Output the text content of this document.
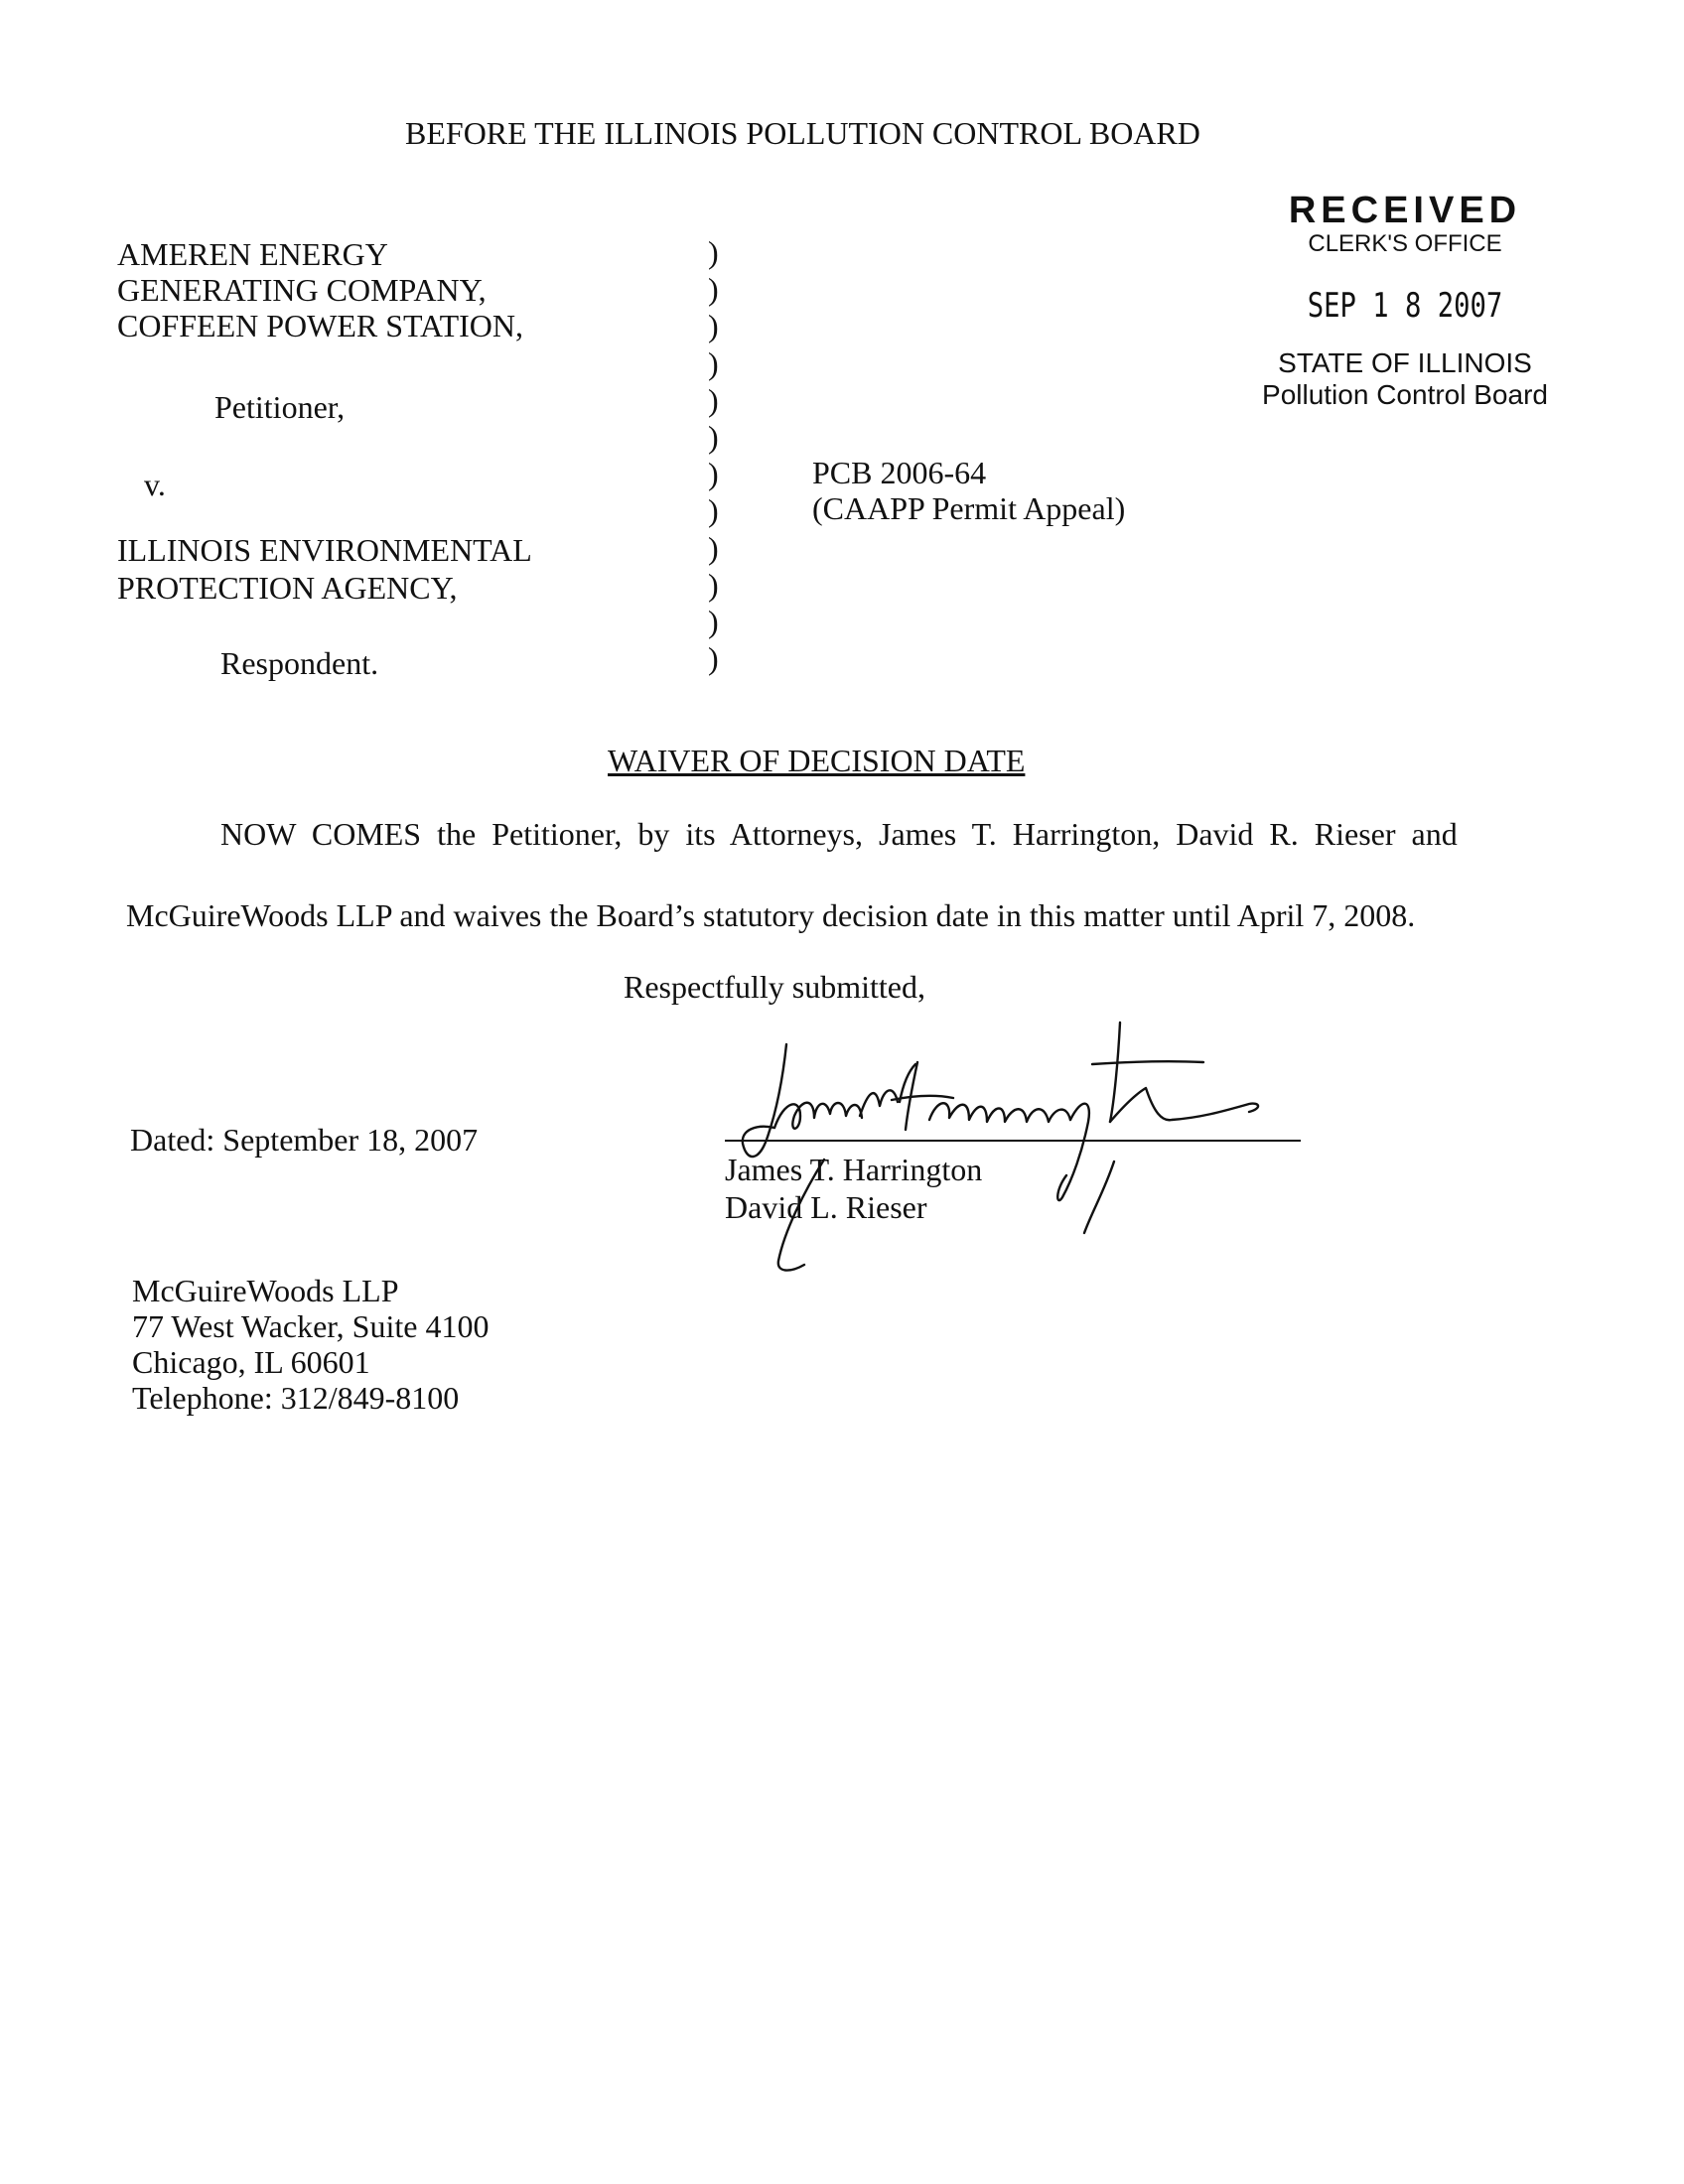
BEFORE THE ILLINOIS POLLUTION CONTROL BOARD
AMEREN ENERGY
GENERATING COMPANY,
COFFEEN POWER STATION,
Petitioner,
v.
ILLINOIS ENVIRONMENTAL
PROTECTION AGENCY,
Respondent.
)
)
)
)
)
)
)
)
)
)
)
)
PCB 2006-64
(CAAPP Permit Appeal)
RECEIVED
CLERK'S OFFICE
SEP 1 8 2007
STATE OF ILLINOIS
Pollution Control Board
WAIVER OF DECISION DATE
NOW COMES the Petitioner, by its Attorneys, James T. Harrington, David R. Rieser and
McGuireWoods LLP and waives the Board’s statutory decision date in this matter until April 7, 2008.
Respectfully submitted,
Dated: September 18, 2007
James T. Harrington
David L. Rieser
McGuireWoods LLP
77 West Wacker, Suite 4100
Chicago, IL 60601
Telephone: 312/849-8100
